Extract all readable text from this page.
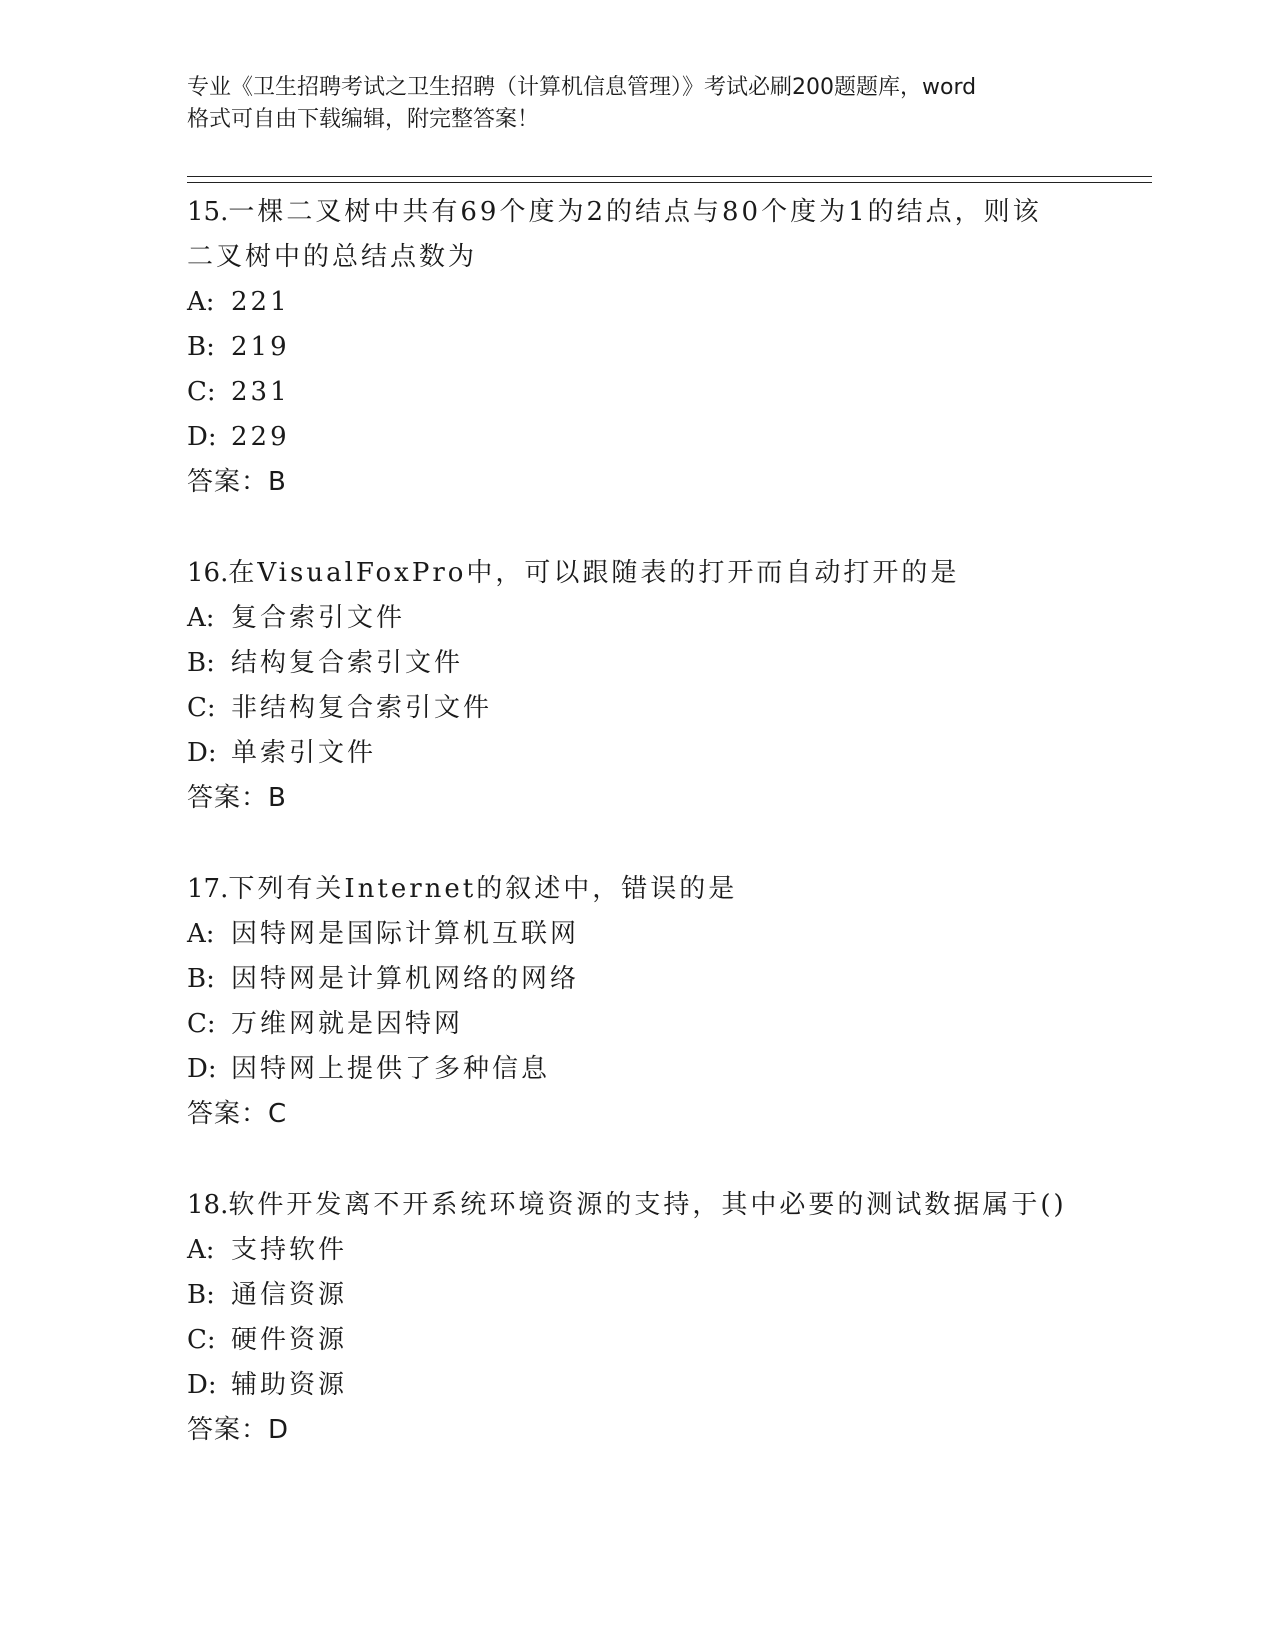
专业《卫生招聘考试之卫生招聘（计算机信息管理）》考试必刷200题题库，word
格式可自由下载编辑，附完整答案！
15.一棵二叉树中共有69个度为2的结点与80个度为1的结点，则该
二叉树中的总结点数为
A: 221
B: 219
C: 231
D: 229
答案：B
16.在VisualFoxPro中，可以跟随表的打开而自动打开的是
A: 复合索引文件
B: 结构复合索引文件
C: 非结构复合索引文件
D: 单索引文件
答案：B
17.下列有关Internet的叙述中，错误的是
A: 因特网是国际计算机互联网
B: 因特网是计算机网络的网络
C: 万维网就是因特网
D: 因特网上提供了多种信息
答案：C
18.软件开发离不开系统环境资源的支持，其中必要的测试数据属于()
A: 支持软件
B: 通信资源
C: 硬件资源
D: 辅助资源
答案：D
